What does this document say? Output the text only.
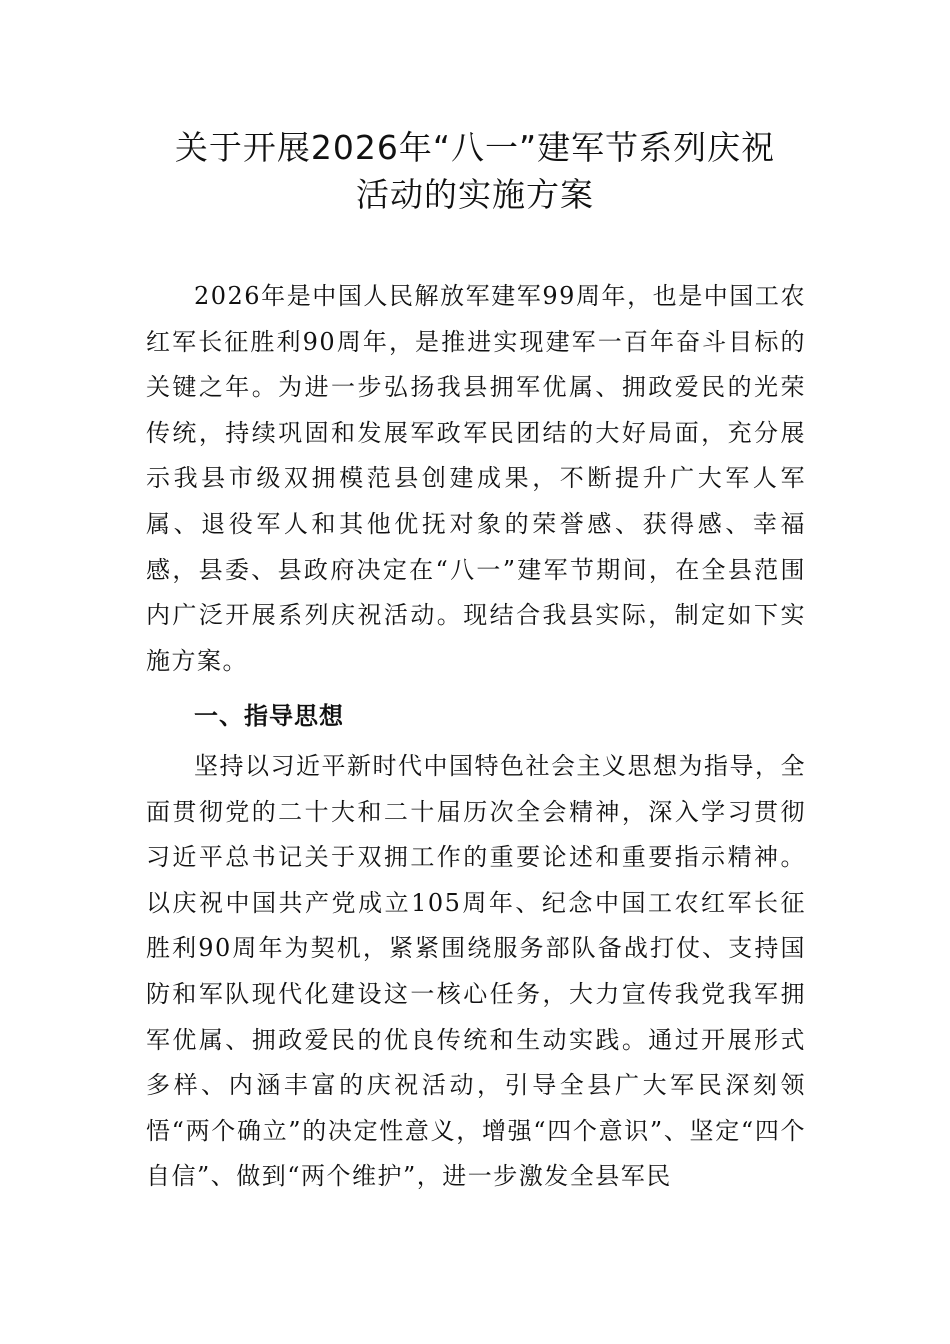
关于开展2026年“八一”建军节系列庆祝
活动的实施方案

2026年是中国人民解放军建军99周年，也是中国工农红军长征胜利90周年，是推进实现建军一百年奋斗目标的关键之年。为进一步弘扬我县拥军优属、拥政爱民的光荣传统，持续巩固和发展军政军民团结的大好局面，充分展示我县市级双拥模范县创建成果，不断提升广大军人军属、退役军人和其他优抚对象的荣誉感、获得感、幸福感，县委、县政府决定在“八一”建军节期间，在全县范围内广泛开展系列庆祝活动。现结合我县实际，制定如下实施方案。

一、指导思想

坚持以习近平新时代中国特色社会主义思想为指导，全面贯彻党的二十大和二十届历次全会精神，深入学习贯彻习近平总书记关于双拥工作的重要论述和重要指示精神。以庆祝中国共产党成立105周年、纪念中国工农红军长征胜利90周年为契机，紧紧围绕服务部队备战打仗、支持国防和军队现代化建设这一核心任务，大力宣传我党我军拥军优属、拥政爱民的优良传统和生动实践。通过开展形式多样、内涵丰富的庆祝活动，引导全县广大军民深刻领悟“两个确立”的决定性意义，增强“四个意识”、坚定“四个自信”、做到“两个维护”，进一步激发全县军民
